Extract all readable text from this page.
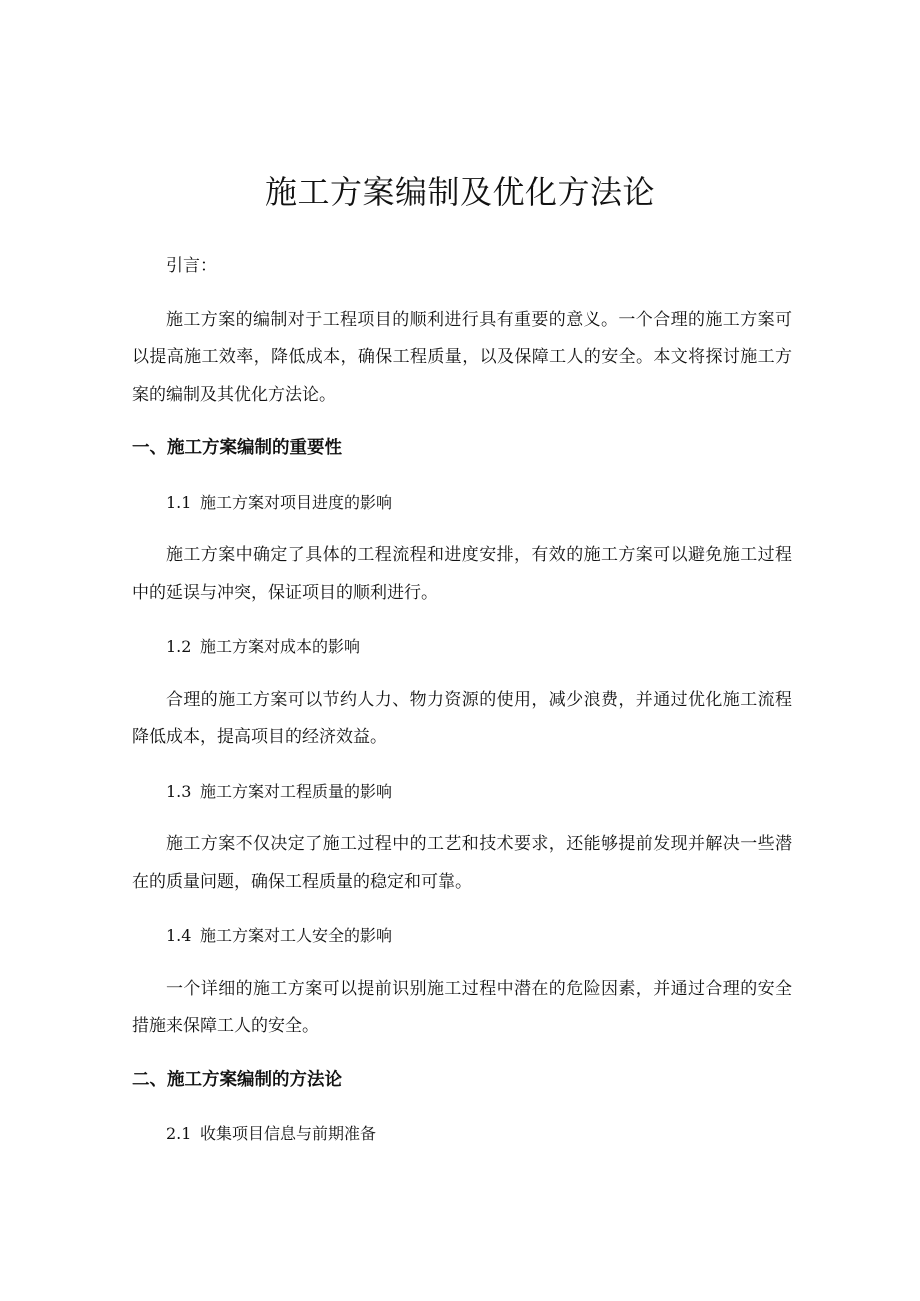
施工方案编制及优化方法论

引言：

施工方案的编制对于工程项目的顺利进行具有重要的意义。一个合理的施工方案可以提高施工效率，降低成本，确保工程质量，以及保障工人的安全。本文将探讨施工方案的编制及其优化方法论。

一、施工方案编制的重要性
1.1 施工方案对项目进度的影响

施工方案中确定了具体的工程流程和进度安排，有效的施工方案可以避免施工过程中的延误与冲突，保证项目的顺利进行。

1.2 施工方案对成本的影响

合理的施工方案可以节约人力、物力资源的使用，减少浪费，并通过优化施工流程降低成本，提高项目的经济效益。

1.3 施工方案对工程质量的影响

施工方案不仅决定了施工过程中的工艺和技术要求，还能够提前发现并解决一些潜在的质量问题，确保工程质量的稳定和可靠。

1.4 施工方案对工人安全的影响

一个详细的施工方案可以提前识别施工过程中潜在的危险因素，并通过合理的安全措施来保障工人的安全。

二、施工方案编制的方法论
2.1 收集项目信息与前期准备
